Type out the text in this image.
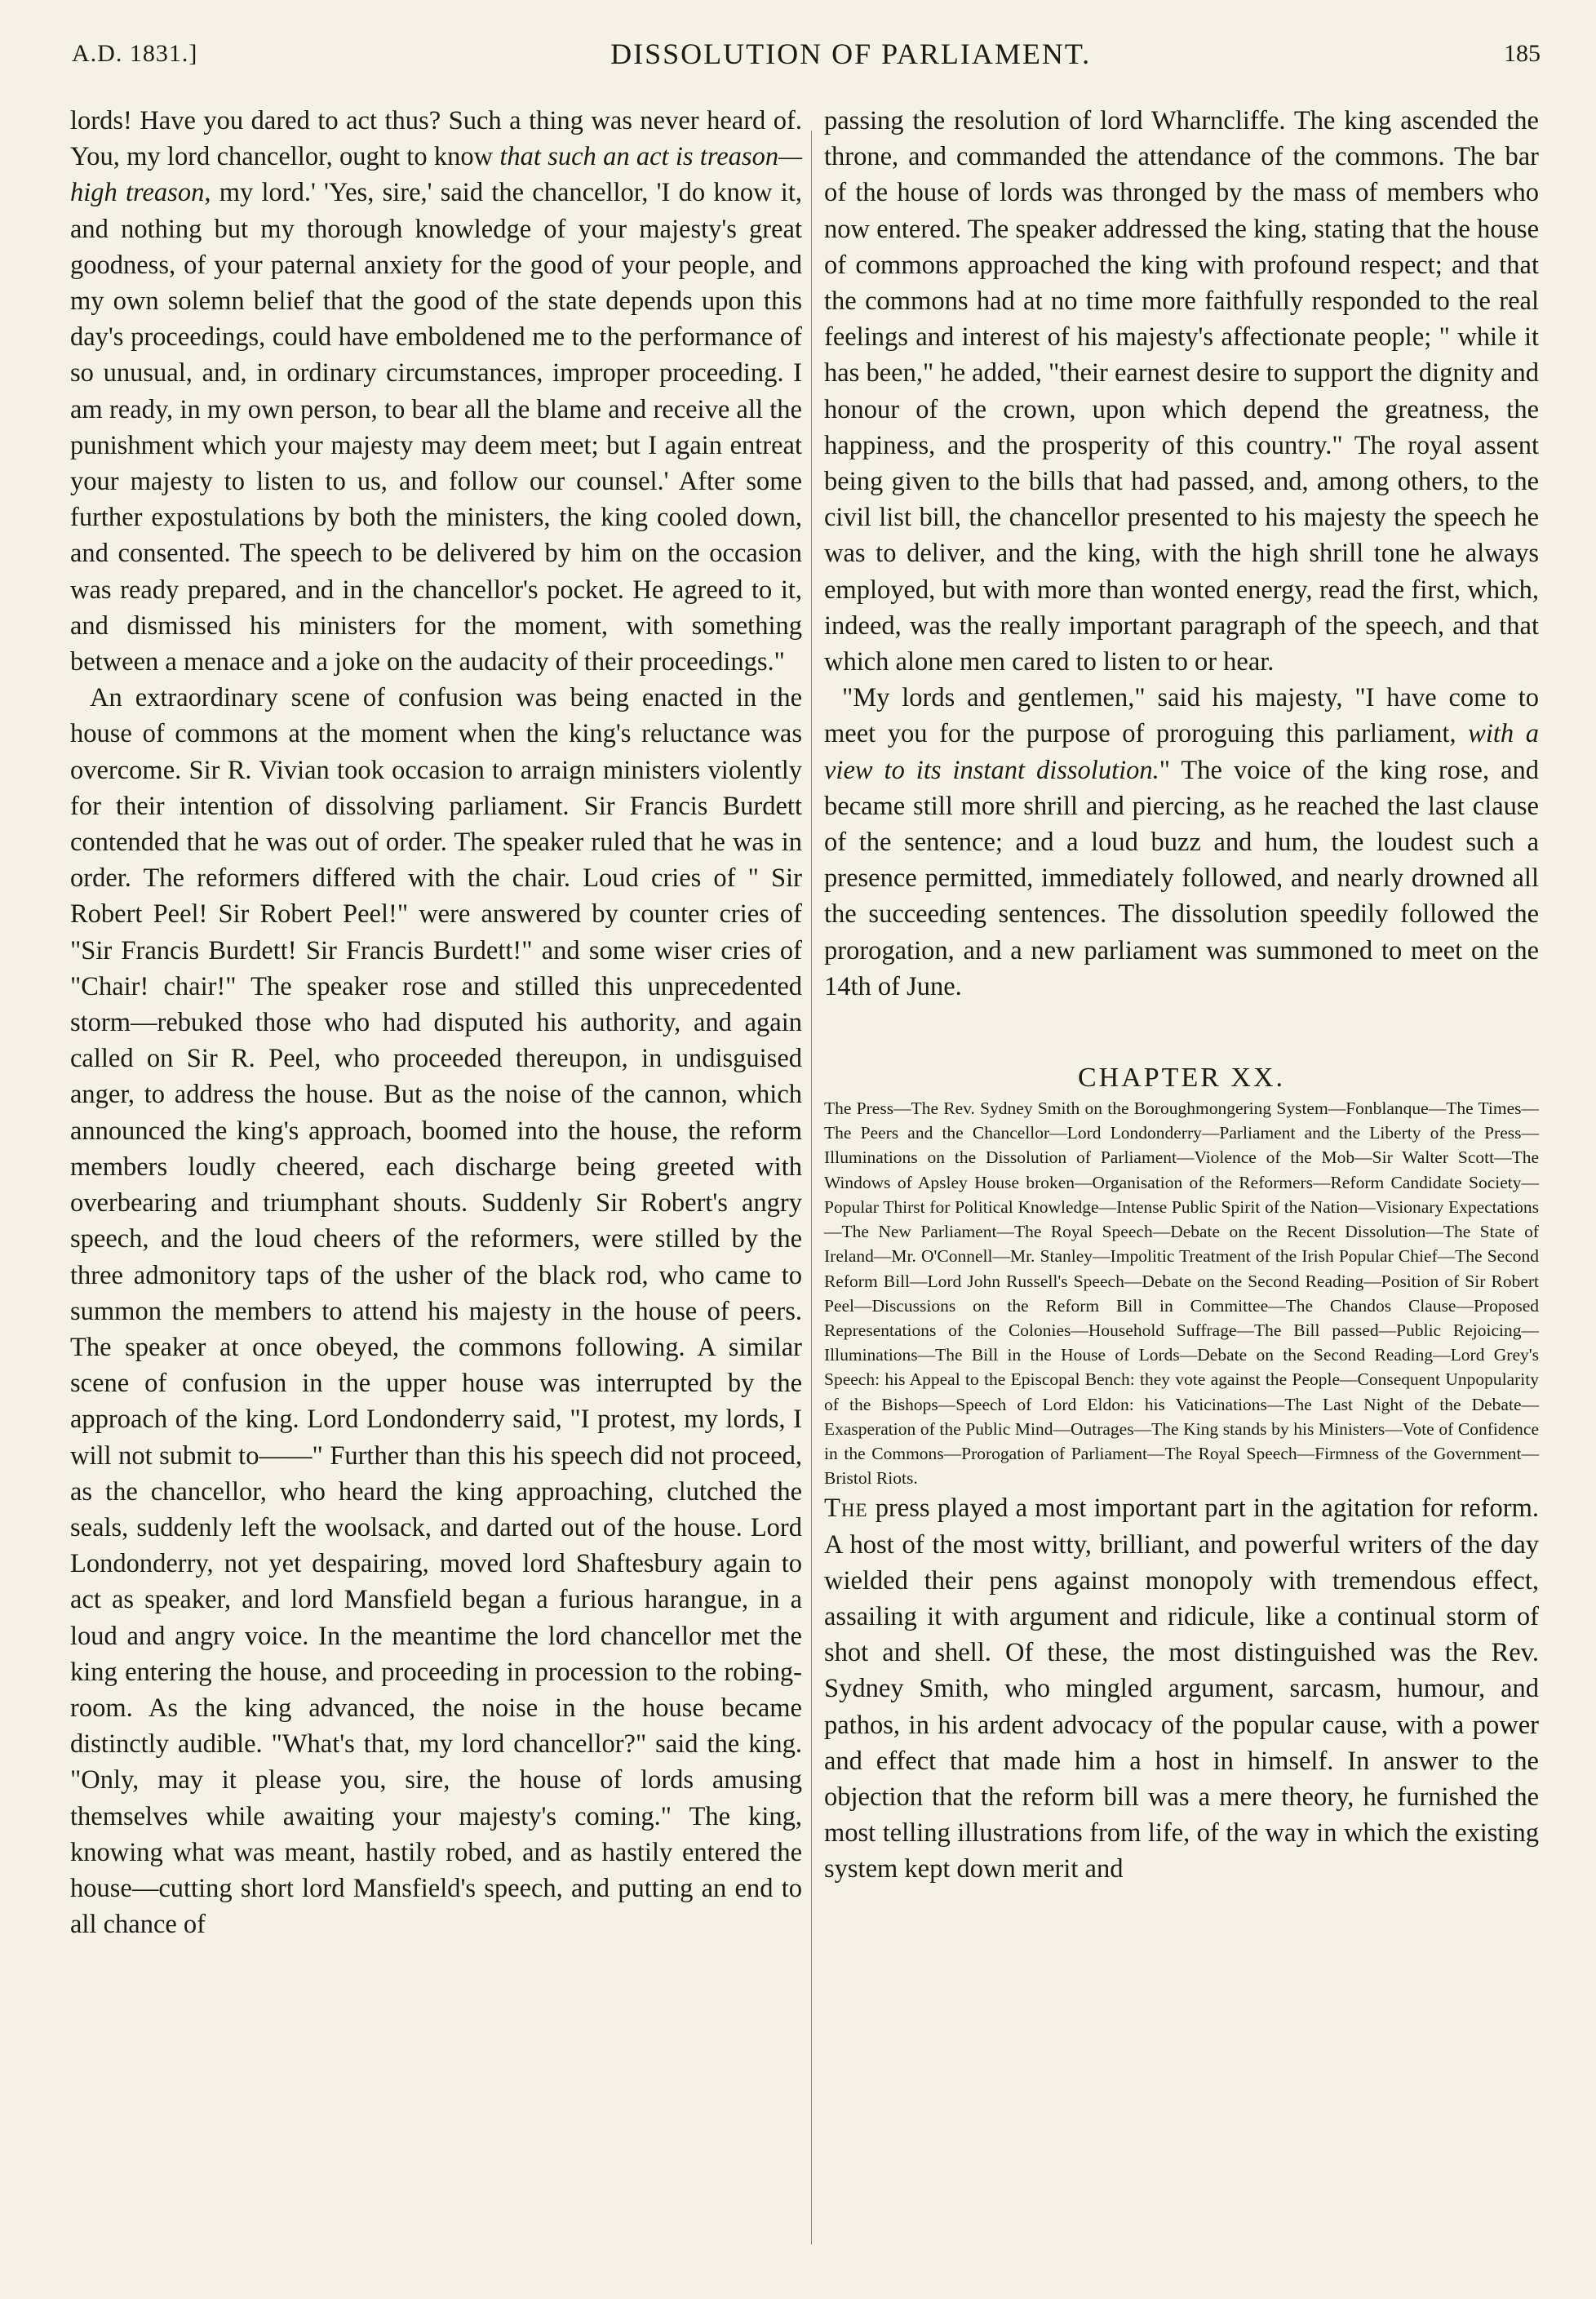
A.D. 1831.]	DISSOLUTION OF PARLIAMENT.	185

lords! Have you dared to act thus? Such a thing was never heard of. You, my lord chancellor, ought to know that such an act is treason—high treason, my lord.' 'Yes, sire,' said the chancellor, 'I do know it, and nothing but my thorough knowledge of your majesty's great goodness, of your paternal anxiety for the good of your people, and my own solemn belief that the good of the state depends upon this day's proceedings, could have emboldened me to the performance of so unusual, and, in ordinary circumstances, improper proceeding. I am ready, in my own person, to bear all the blame and receive all the punishment which your majesty may deem meet; but I again entreat your majesty to listen to us, and follow our counsel.' After some further expostulations by both the ministers, the king cooled down, and consented. The speech to be delivered by him on the occasion was ready prepared, and in the chancellor's pocket. He agreed to it, and dismissed his ministers for the moment, with something between a menace and a joke on the audacity of their proceedings."

An extraordinary scene of confusion was being enacted in the house of commons at the moment when the king's reluctance was overcome. Sir R. Vivian took occasion to arraign ministers violently for their intention of dissolving parliament. Sir Francis Burdett contended that he was out of order. The speaker ruled that he was in order. The reformers differed with the chair. Loud cries of " Sir Robert Peel! Sir Robert Peel!" were answered by counter cries of "Sir Francis Burdett! Sir Francis Burdett!" and some wiser cries of "Chair! chair!" The speaker rose and stilled this unprecedented storm—rebuked those who had disputed his authority, and again called on Sir R. Peel, who proceeded thereupon, in undisguised anger, to address the house. But as the noise of the cannon, which announced the king's approach, boomed into the house, the reform members loudly cheered, each discharge being greeted with overbearing and triumphant shouts. Suddenly Sir Robert's angry speech, and the loud cheers of the reformers, were stilled by the three admonitory taps of the usher of the black rod, who came to summon the members to attend his majesty in the house of peers. The speaker at once obeyed, the commons following. A similar scene of confusion in the upper house was interrupted by the approach of the king. Lord Londonderry said, "I protest, my lords, I will not submit to——" Further than this his speech did not proceed, as the chancellor, who heard the king approaching, clutched the seals, suddenly left the woolsack, and darted out of the house. Lord Londonderry, not yet despairing, moved lord Shaftesbury again to act as speaker, and lord Mansfield began a furious harangue, in a loud and angry voice. In the meantime the lord chancellor met the king entering the house, and proceeding in procession to the robing-room. As the king advanced, the noise in the house became distinctly audible. "What's that, my lord chancellor?" said the king. "Only, may it please you, sire, the house of lords amusing themselves while awaiting your majesty's coming." The king, knowing what was meant, hastily robed, and as hastily entered the house—cutting short lord Mansfield's speech, and putting an end to all chance of

passing the resolution of lord Wharncliffe. The king ascended the throne, and commanded the attendance of the commons. The bar of the house of lords was thronged by the mass of members who now entered. The speaker addressed the king, stating that the house of commons approached the king with profound respect; and that the commons had at no time more faithfully responded to the real feelings and interest of his majesty's affectionate people; " while it has been," he added, "their earnest desire to support the dignity and honour of the crown, upon which depend the greatness, the happiness, and the prosperity of this country." The royal assent being given to the bills that had passed, and, among others, to the civil list bill, the chancellor presented to his majesty the speech he was to deliver, and the king, with the high shrill tone he always employed, but with more than wonted energy, read the first, which, indeed, was the really important paragraph of the speech, and that which alone men cared to listen to or hear.

"My lords and gentlemen," said his majesty, "I have come to meet you for the purpose of proroguing this parliament, with a view to its instant dissolution." The voice of the king rose, and became still more shrill and piercing, as he reached the last clause of the sentence; and a loud buzz and hum, the loudest such a presence permitted, immediately followed, and nearly drowned all the succeeding sentences. The dissolution speedily followed the prorogation, and a new parliament was summoned to meet on the 14th of June.

CHAPTER XX.

The Press—The Rev. Sydney Smith on the Boroughmongering System—Fonblanque—The Times—The Peers and the Chancellor—Lord Londonderry—Parliament and the Liberty of the Press—Illuminations on the Dissolution of Parliament—Violence of the Mob—Sir Walter Scott—The Windows of Apsley House broken—Organisation of the Reformers—Reform Candidate Society—Popular Thirst for Political Knowledge—Intense Public Spirit of the Nation—Visionary Expectations—The New Parliament—The Royal Speech—Debate on the Recent Dissolution—The State of Ireland—Mr. O'Connell—Mr. Stanley—Impolitic Treatment of the Irish Popular Chief—The Second Reform Bill—Lord John Russell's Speech—Debate on the Second Reading—Position of Sir Robert Peel—Discussions on the Reform Bill in Committee—The Chandos Clause—Proposed Representations of the Colonies—Household Suffrage—The Bill passed—Public Rejoicing—Illuminations—The Bill in the House of Lords—Debate on the Second Reading—Lord Grey's Speech: his Appeal to the Episcopal Bench: they vote against the People—Consequent Unpopularity of the Bishops—Speech of Lord Eldon: his Vaticinations—The Last Night of the Debate—Exasperation of the Public Mind—Outrages—The King stands by his Ministers—Vote of Confidence in the Commons—Prorogation of Parliament—The Royal Speech—Firmness of the Government—Bristol Riots.

The press played a most important part in the agitation for reform. A host of the most witty, brilliant, and powerful writers of the day wielded their pens against monopoly with tremendous effect, assailing it with argument and ridicule, like a continual storm of shot and shell. Of these, the most distinguished was the Rev. Sydney Smith, who mingled argument, sarcasm, humour, and pathos, in his ardent advocacy of the popular cause, with a power and effect that made him a host in himself. In answer to the objection that the reform bill was a mere theory, he furnished the most telling illustrations from life, of the way in which the existing system kept down merit and
